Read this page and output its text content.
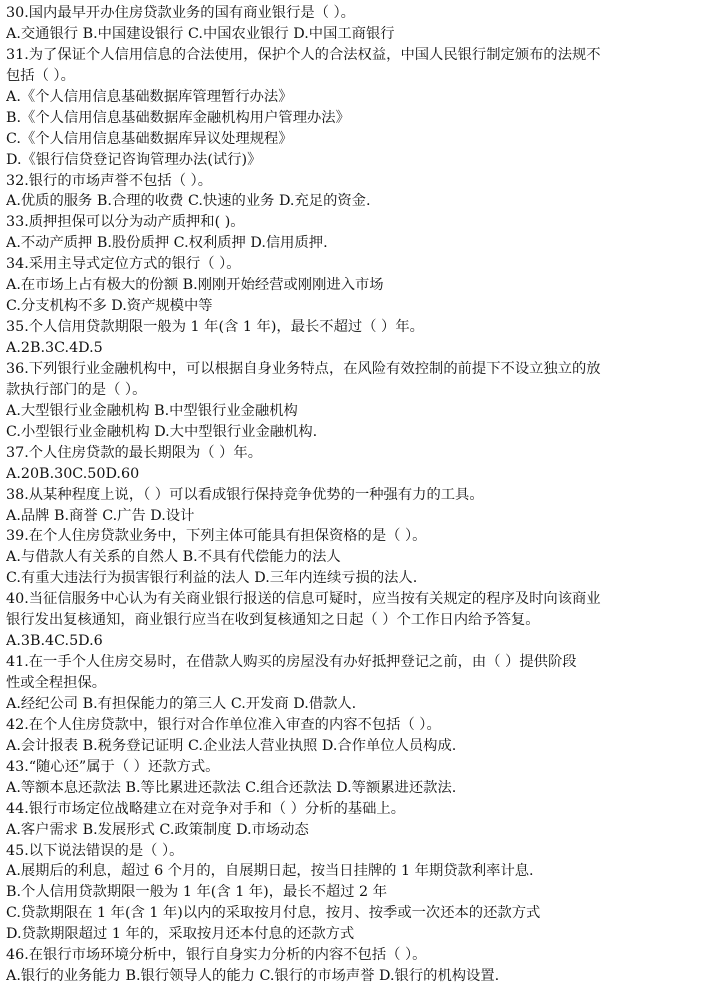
30.国内最早开办住房贷款业务的国有商业银行是（ ）。
A.交通银行 B.中国建设银行 C.中国农业银行 D.中国工商银行
31.为了保证个人信用信息的合法使用，保护个人的合法权益，中国人民银行制定颁布的法规不
包括（ ）。
A.《个人信用信息基础数据库管理暂行办法》
B.《个人信用信息基础数据库金融机构用户管理办法》
C.《个人信用信息基础数据库异议处理规程》
D.《银行信贷登记咨询管理办法(试行)》
32.银行的市场声誉不包括（ ）。
A.优质的服务 B.合理的收费 C.快速的业务 D.充足的资金.
33.质押担保可以分为动产质押和( )。
A.不动产质押 B.股份质押 C.权利质押 D.信用质押.
34.采用主导式定位方式的银行（ ）。
A.在市场上占有极大的份额 B.刚刚开始经营或刚刚进入市场
C.分支机构不多 D.资产规模中等
35.个人信用贷款期限一般为 1 年(含 1 年)，最长不超过（ ）年。
A.2B.3C.4D.5
36.下列银行业金融机构中，可以根据自身业务特点，在风险有效控制的前提下不设立独立的放
款执行部门的是（ ）。
A.大型银行业金融机构 B.中型银行业金融机构
C.小型银行业金融机构 D.大中型银行业金融机构.
37.个人住房贷款的最长期限为（ ）年。
A.20B.30C.50D.60
38.从某种程度上说，（ ）可以看成银行保持竞争优势的一种强有力的工具。
A.品牌 B.商誉 C.广告 D.设计
39.在个人住房贷款业务中，下列主体可能具有担保资格的是（ ）。
A.与借款人有关系的自然人 B.不具有代偿能力的法人
C.有重大违法行为损害银行利益的法人 D.三年内连续亏损的法人.
40.当征信服务中心认为有关商业银行报送的信息可疑时，应当按有关规定的程序及时向该商业
银行发出复核通知，商业银行应当在收到复核通知之日起（ ）个工作日内给予答复。
A.3B.4C.5D.6
41.在一手个人住房交易时，在借款人购买的房屋没有办好抵押登记之前，由（ ）提供阶段
性或全程担保。
A.经纪公司 B.有担保能力的第三人 C.开发商 D.借款人.
42.在个人住房贷款中，银行对合作单位准入审查的内容不包括（ ）。
A.会计报表 B.税务登记证明 C.企业法人营业执照 D.合作单位人员构成.
43.“随心还”属于（ ）还款方式。
A.等额本息还款法 B.等比累进还款法 C.组合还款法 D.等额累进还款法.
44.银行市场定位战略建立在对竞争对手和（ ）分析的基础上。
A.客户需求 B.发展形式 C.政策制度 D.市场动态
45.以下说法错误的是（ ）。
A.展期后的利息，超过 6 个月的，自展期日起，按当日挂牌的 1 年期贷款利率计息.
B.个人信用贷款期限一般为 1 年(含 1 年)，最长不超过 2 年
C.贷款期限在 1 年(含 1 年)以内的采取按月付息，按月、按季或一次还本的还款方式
D.贷款期限超过 1 年的，采取按月还本付息的还款方式
46.在银行市场环境分析中，银行自身实力分析的内容不包括（ ）。
A.银行的业务能力 B.银行领导人的能力 C.银行的市场声誉 D.银行的机构设置.
